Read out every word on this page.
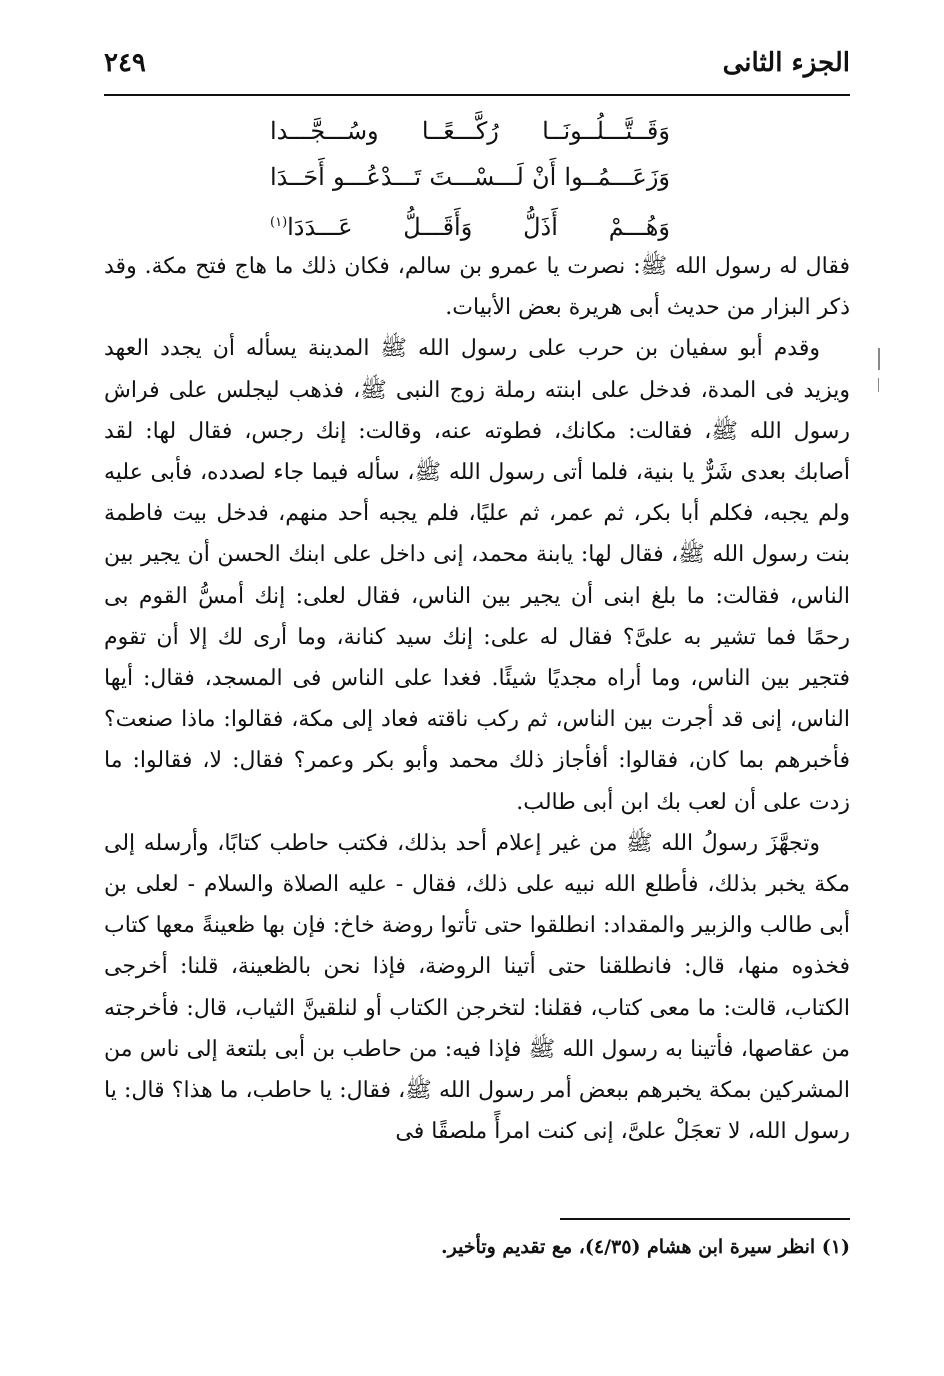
الجزء الثانى
٢٤٩
وَقَــتَّـــلُــونَــا رُكَّـــعًــا وسُـــجَّـــدا
وَزَعَـــمُــوا أَنْ لَـــسْـــتَ تَـــدْعُـــو أَحَــدَا
وَهُـــمْ أَذَلُّ وَأَقَـــلُّ عَـــدَدَا$^{(١)}$

فقال له رسول الله ﷺ: نصرت يا عمرو بن سالم، فكان ذلك ما هاج فتح مكة. وقد ذكر البزار من حديث أبى هريرة بعض الأبيات.

وقدم أبو سفيان بن حرب على رسول الله ﷺ المدينة يسأله أن يجدد العهد ويزيد فى المدة، فدخل على ابنته رملة زوج النبى ﷺ، فذهب ليجلس على فراش رسول الله ﷺ، فقالت: مكانك، فطوته عنه، وقالت: إنك رجس، فقال لها: لقد أصابك بعدى شَرٌّ يا بنية، فلما أتى رسول الله ﷺ، سأله فيما جاء لصدده، فأبى عليه ولم يجبه، فكلم أبا بكر، ثم عمر، ثم عليًا، فلم يجبه أحد منهم، فدخل بيت فاطمة بنت رسول الله ﷺ، فقال لها: يابنة محمد، إنى داخل على ابنك الحسن أن يجير بين الناس، فقالت: ما بلغ ابنى أن يجير بين الناس، فقال لعلى: إنك أمسُّ القوم بى رحمًا فما تشير به علىَّ؟ فقال له على: إنك سيد كنانة، وما أرى لك إلا أن تقوم فتجير بين الناس، وما أراه مجديًا شيئًا. فغدا على الناس فى المسجد، فقال: أيها الناس، إنى قد أجرت بين الناس، ثم ركب ناقته فعاد إلى مكة، فقالوا: ماذا صنعت؟ فأخبرهم بما كان، فقالوا: أفأجاز ذلك محمد وأبو بكر وعمر؟ فقال: لا، فقالوا: ما زدت على أن لعب بك ابن أبى طالب.

وتجهَّزَ رسولُ الله ﷺ من غير إعلام أحد بذلك، فكتب حاطب كتابًا، وأرسله إلى مكة يخبر بذلك، فأطلع الله نبيه على ذلك، فقال - عليه الصلاة والسلام - لعلى بن أبى طالب والزبير والمقداد: انطلقوا حتى تأتوا روضة خاخ: فإن بها ظعينةً معها كتاب فخذوه منها، قال: فانطلقنا حتى أتينا الروضة، فإذا نحن بالظعينة، قلنا: أخرجى الكتاب، قالت: ما معى كتاب، فقلنا: لتخرجن الكتاب أو لنلقينَّ الثياب، قال: فأخرجته من عقاصها، فأتينا به رسول الله ﷺ فإذا فيه: من حاطب بن أبى بلتعة إلى ناس من المشركين بمكة يخبرهم ببعض أمر رسول الله ﷺ، فقال: يا حاطب، ما هذا؟ قال: يا رسول الله، لا تعجَلْ علىَّ، إنى كنت امرأً ملصقًا فى

(١) انظر سيرة ابن هشام (٤/٣٥)، مع تقديم وتأخير.
